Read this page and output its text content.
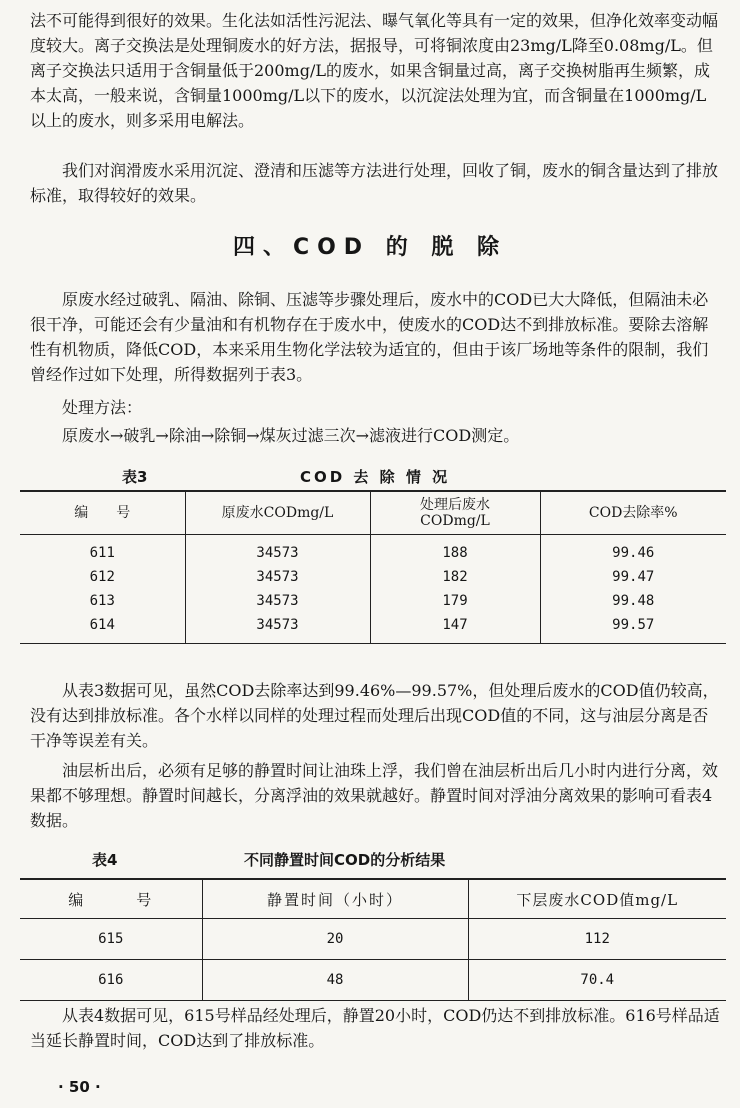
法不可能得到很好的效果。生化法如活性污泥法、曝气氧化等具有一定的效果，但净化效率变动幅度较大。离子交换法是处理铜废水的好方法，据报导，可将铜浓度由23mg/L降至0.08mg/L。但离子交换法只适用于含铜量低于200mg/L的废水，如果含铜量过高，离子交换树脂再生频繁，成本太高，一般来说，含铜量1000mg/L以下的废水，以沉淀法处理为宜，而含铜量在1000mg/L以上的废水，则多采用电解法。

我们对润滑废水采用沉淀、澄清和压滤等方法进行处理，回收了铜，废水的铜含量达到了排放标准，取得较好的效果。

四、COD 的 脱 除

原废水经过破乳、隔油、除铜、压滤等步骤处理后，废水中的COD已大大降低，但隔油未必很干净，可能还会有少量油和有机物存在于废水中，使废水的COD达不到排放标准。要除去溶解性有机物质，降低COD，本来采用生物化学法较为适宜的，但由于该厂场地等条件的限制，我们曾经作过如下处理，所得数据列于表3。

处理方法：

原废水→破乳→除油→除铜→煤灰过滤三次→滤液进行COD测定。

表3	COD 去 除 情 况

编　　号	原废水CODmg/L	处理后废水CODmg/L	COD去除率%
611	34573	188	99.46
612	34573	182	99.47
613	34573	179	99.48
614	34573	147	99.57

从表3数据可见，虽然COD去除率达到99.46%—99.57%，但处理后废水的COD值仍较高，没有达到排放标准。各个水样以同样的处理过程而处理后出现COD值的不同，这与油层分离是否干净等误差有关。

油层析出后，必须有足够的静置时间让油珠上浮，我们曾在油层析出后几小时内进行分离，效果都不够理想。静置时间越长，分离浮油的效果就越好。静置时间对浮油分离效果的影响可看表4数据。

表4	不同静置时间COD的分析结果

编　　　号	静置时间（小时）	下层废水COD值mg/L
615	20	112
616	48	70.4

从表4数据可见，615号样品经处理后，静置20小时，COD仍达不到排放标准。616号样品适当延长静置时间，COD达到了排放标准。

· 50 ·
